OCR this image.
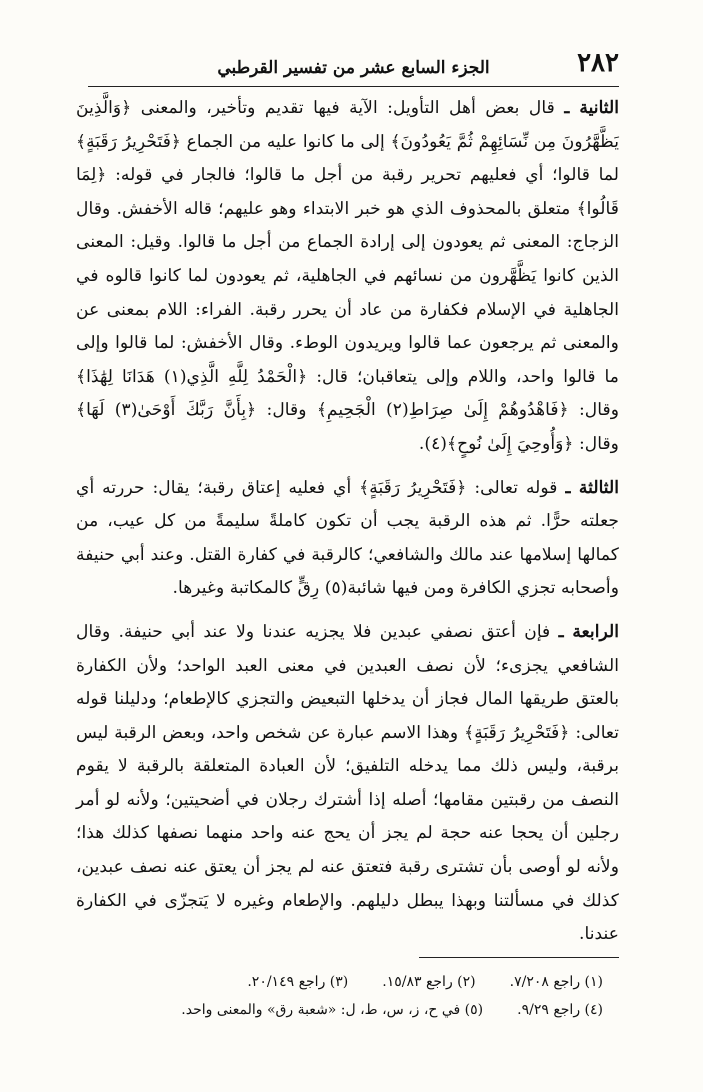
٢٨٢
الجزء السابع عشر من تفسير القرطبي

الثانية ـ قال بعض أهل التأويل: الآية فيها تقديم وتأخير، والمعنى ﴿وَالَّذِينَ يَظَّهَّرُونَ مِن نِّسَائِهِمْ ثُمَّ يَعُودُونَ﴾ إلى ما كانوا عليه من الجماع ﴿فَتَحْرِيرُ رَقَبَةٍ﴾ لما قالوا؛ أي فعليهم تحرير رقبة من أجل ما قالوا؛ فالجار في قوله: ﴿لِمَا قَالُوا﴾ متعلق بالمحذوف الذي هو خبر الابتداء وهو عليهم؛ قاله الأخفش. وقال الزجاج: المعنى ثم يعودون إلى إرادة الجماع من أجل ما قالوا. وقيل: المعنى الذين كانوا يَظَّهَّرون من نسائهم في الجاهلية، ثم يعودون لما كانوا قالوه في الجاهلية في الإسلام فكفارة من عاد أن يحرر رقبة. الفراء: اللام بمعنى عن والمعنى ثم يرجعون عما قالوا ويريدون الوطء. وقال الأخفش: لما قالوا وإلى ما قالوا واحد، واللام وإلى يتعاقبان؛ قال: ﴿الْحَمْدُ لِلَّهِ الَّذِي(١) هَدَانَا لِهَٰذَا﴾ وقال: ﴿فَاهْدُوهُمْ إِلَىٰ صِرَاطِ(٢) الْجَحِيمِ﴾ وقال: ﴿بِأَنَّ رَبَّكَ أَوْحَىٰ(٣) لَهَا﴾ وقال: ﴿وَأُوحِيَ إِلَىٰ نُوحٍ﴾(٤).

الثالثة ـ قوله تعالى: ﴿فَتَحْرِيرُ رَقَبَةٍ﴾ أي فعليه إعتاق رقبة؛ يقال: حررته أي جعلته حرًّا. ثم هذه الرقبة يجب أن تكون كاملةً سليمةً من كل عيب، من كمالها إسلامها عند مالك والشافعي؛ كالرقبة في كفارة القتل. وعند أبي حنيفة وأصحابه تجزي الكافرة ومن فيها شائبة(٥) رِقٍّ كالمكاتبة وغيرها.

الرابعة ـ فإن أعتق نصفي عبدين فلا يجزيه عندنا ولا عند أبي حنيفة. وقال الشافعي يجزىء؛ لأن نصف العبدين في معنى العبد الواحد؛ ولأن الكفارة بالعتق طريقها المال فجاز أن يدخلها التبعيض والتجزي كالإطعام؛ ودليلنا قوله تعالى: ﴿فَتَحْرِيرُ رَقَبَةٍ﴾ وهذا الاسم عبارة عن شخص واحد، وبعض الرقبة ليس برقبة، وليس ذلك مما يدخله التلفيق؛ لأن العبادة المتعلقة بالرقبة لا يقوم النصف من رقبتين مقامها؛ أصله إذا أشترك رجلان في أضحيتين؛ ولأنه لو أمر رجلين أن يحجا عنه حجة لم يجز أن يحج عنه واحد منهما نصفها كذلك هذا؛ ولأنه لو أوصى بأن تشترى رقبة فتعتق عنه لم يجز أن يعتق عنه نصف عبدين، كذلك في مسألتنا وبهذا يبطل دليلهم. والإطعام وغيره لا يَتجزّى في الكفارة عندنا.

(١) راجع ٧/٢٠٨.
(٢) راجع ١٥/٨٣.
(٣) راجع ٢٠/١٤٩.
(٤) راجع ٩/٢٩.
(٥) في ح، ز، س، ط، ل: «شعبة رق» والمعنى واحد.
